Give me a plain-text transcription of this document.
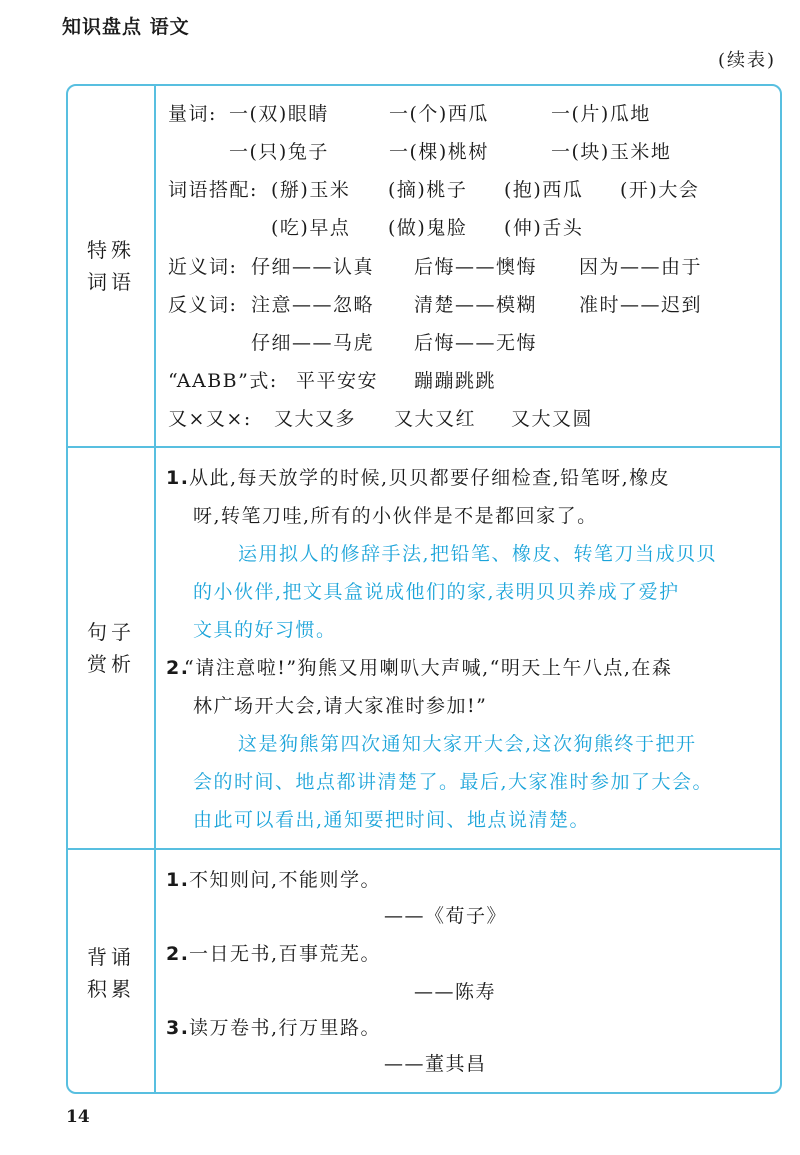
知识盘点 语文
(续表)
特殊词语
量词: 一(双)眼睛	一(个)西瓜	一(片)瓜地
一(只)兔子	一(棵)桃树	一(块)玉米地
词语搭配: (掰)玉米 (摘)桃子 (抱)西瓜 (开)大会
(吃)早点 (做)鬼脸 (伸)舌头
近义词: 仔细——认真 后悔——懊悔 因为——由于
反义词: 注意——忽略 清楚——模糊 准时——迟到
仔细——马虎 后悔——无悔
“AABB”式: 平平安安 蹦蹦跳跳
又×又×: 又大又多 又大又红 又大又圆
句子赏析
1. 从此,每天放学的时候,贝贝都要仔细检查,铅笔呀,橡皮
呀,转笔刀哇,所有的小伙伴是不是都回家了。
运用拟人的修辞手法,把铅笔、橡皮、转笔刀当成贝贝
的小伙伴,把文具盒说成他们的家,表明贝贝养成了爱护
文具的好习惯。
2.
“请注意啦!”狗熊又用喇叭大声喊,“明天上午八点,在森
林广场开大会,请大家准时参加!”
这是狗熊第四次通知大家开大会,这次狗熊终于把开
会的时间、地点都讲清楚了。最后,大家准时参加了大会。
由此可以看出,通知要把时间、地点说清楚。
背诵积累
1. 不知则问,不能则学。
——《荀子》
2. 一日无书,百事荒芜。
——陈寿
3. 读万卷书,行万里路。
——董其昌
14
